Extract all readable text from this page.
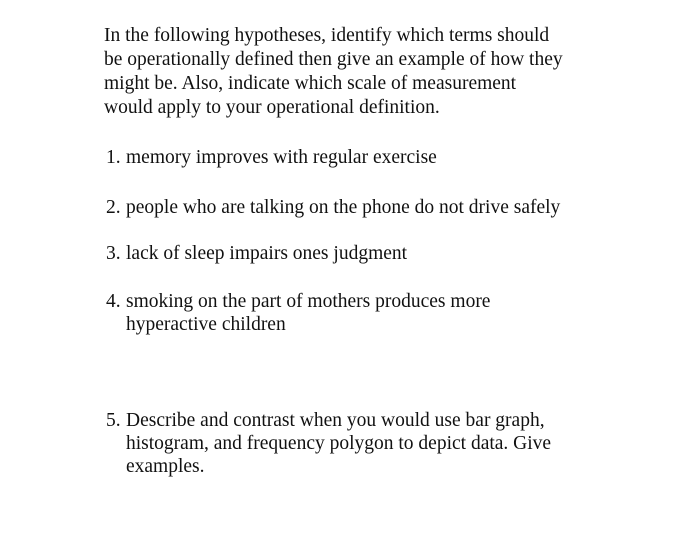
In the following hypotheses, identify which terms should
be operationally defined then give an example of how they
might be. Also, indicate which scale of measurement
would apply to your operational definition.

1. memory improves with regular exercise

2. people who are talking on the phone do not drive safely

3. lack of sleep impairs ones judgment

4. smoking on the part of mothers produces more
hyperactive children

5. Describe and contrast when you would use bar graph,
histogram, and frequency polygon to depict data. Give
examples.
